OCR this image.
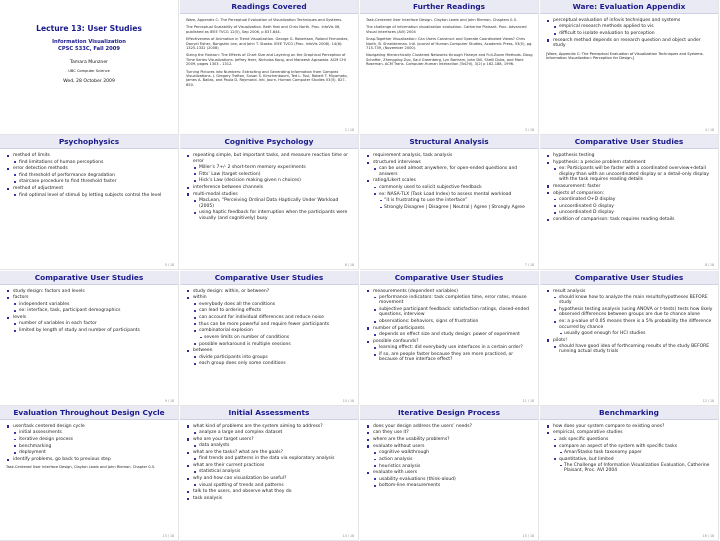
Lecture 13: User Studies
Information Visualization
CPSC 533C, Fall 2009
Tamara Munzner
UBC Computer Science
Wed, 28 October 2009
Readings Covered
Ware, Appendix C: The Perceptual Evaluation of Visualization Techniques and Systems.
The Perceptual Scalability of Visualization. Beth Yost and Chris North. Proc. InfoVis 06, published as IEEE TVCG 12(5), Sep 2006, p 837-844.
Effectiveness of Animation in Trend Visualization. George G. Robertson, Roland Fernandez, Danyel Fisher, Bongshin Lee, and John T. Stasko. IEEE TVCG (Proc. InfoVis 2008). 14(6): 1325-1332 (2008)
Sizing the Horizon: The Effects of Chart Size and Layering on the Graphical Perception of Time Series Visualizations. Jeffrey Heer, Nicholas Kong, and Maneesh Agrawala. ACM CHI 2009, pages 1303 - 1312.
Turning Pictures into Numbers: Extracting and Generating Information from Complex Visualizations. J. Gregory Trafton, Susan S. Kirschenbaum, Ted L. Tsui, Robert T. Miyamoto, James A. Ballas, and Paula D. Raymond. Intl. Journ. Human Computer Studies 53(5), 827-850.
2 / 18
Further Readings
Task-Centered User Interface Design. Clayton Lewis and John Rieman, Chapters 0-5.
The challenge of information visualization evaluation. Catherine Plaisant. Proc. Advanced Visual Interfaces (AVI) 2004
Snap-Together Visualization: Can Users Construct and Operate Coordinated Views? Chris North, B. Shneiderman. Intl. Journal of Human-Computer Studies, Academic Press, 53(5), pg. 715-739, (November 2000).
Navigating Hierarchically Clustered Networks through Fisheye and Full-Zoom Methods. Doug Schaffer, Zhengping Zuo, Saul Greenberg, Lyn Bartram, John Dill, Shelli Dubs, and Mark Roseman. ACM Trans. Computer-Human Interaction (ToCHI), 3(2) p 162-188, 1996.
3 / 18
Ware: Evaluation Appendix
perceptual evaluation of infovis techniques and systems
empirical research methods applied to vis
difficult to isolate evaluation to perception
research method depends on research question and object under study
[Ware, Appendix C: The Perceptual Evaluation of Visualization Techniques and Systems. Information Visualization: Perception for Design.]
4 / 18
Psychophysics
method of limits
find limitations of human perceptions
error detection methods
find threshold of performance degradation
staircase procedure to find threshold faster
method of adjustment
find optimal level of stimuli by letting subjects control the level
5 / 18
Cognitive Psychology
repeating simple, but important tasks, and measure reaction time or error
Miller’s 7+/- 2 short-term memory experiments
Fitts’ Law (target selection)
Hick’s Law (decision making given n choices)
interference between channels
multi-modal studies
MacLean, “Perceiving Ordinal Data Haptically Under Workload (2005)
using haptic feedback for interruption when the participants were visually (and cognitively) busy
6 / 18
Structural Analysis
requirement analysis, task analysis
structured interviews
can be used almost anywhere, for open-ended questions and answers
rating/Likert scales
commonly used to solicit subjective feedback
ex: NASA-TLX (Task Load Index) to assess mental workload
“it is frustrating to use the interface”
Strongly Disagree | Disagree | Neutral | Agree | Strongly Agree
7 / 18
Comparative User Studies
hypothesis testing
hypothesis: a precise problem statement
ex: Participants will be faster with a coordinated overview+detail display than with an uncoordinated display or a detail-only display with the task requires reading details
measurement: faster
objects of comparison:
coordinated O+D display
uncoordinated O display
uncoordinated D display
condition of comparison: task requires reading details
8 / 18
Comparative User Studies
study design: factors and levels
factors
independent variables
ex: interface, task, participant demographics
levels
number of variables in each factor
limited by length of study and number of participants
9 / 18
Comparative User Studies
study design: within, or between?
within
everybody does all the conditions
can lead to ordering effects
can account for individual differences and reduce noise
thus can be more powerful and require fewer participants
combinatorial explosion
severe limits on number of conditions
possible workaround is multiple sessions
between
divide participants into groups
each group does only some conditions
10 / 18
Comparative User Studies
measurements (dependent variables)
performance indicators: task completion time, error rates, mouse movement
subjective participant feedback: satisfaction ratings, closed-ended questions, interview
observations: behaviors, signs of frustration
number of participants
depends on effect size and study design: power of experiment
possible confounds?
learning effect: did everybody use interfaces in a certain order?
if so, are people faster because they are more practiced, or because of true interface effect?
11 / 18
Comparative User Studies
result analysis
should know how to analyze the main results/hypotheses BEFORE study
hypothesis testing analysis (using ANOVA or t-tests) tests how likely observed differences between groups are due to chance alone
ex: a p-value of 0.05 means there is a 5% probability the difference occurred by chance
usually good enough for HCI studies
pilots!
should have good idea of forthcoming results of the study BEFORE running actual study trials
12 / 18
Evaluation Throughout Design Cycle
user/task centered design cycle
initial assessments
iterative design process
benchmarking
deployment
identify problems, go back to previous step
Task-Centered User Interface Design, Clayton Lewis and John Rieman, Chapter 0-5.
13 / 18
Initial Assessments
what kind of problems are the system aiming to address?
analyze a large and complex dataset
who are your target users?
data analysts
what are the tasks? what are the goals?
find trends and patterns in the data via exploratory analysis
what are their current practices
statistical analysis
why and how can visualization be useful?
visual spotting of trends and patterns
talk to the users, and observe what they do
task analysis
14 / 18
Iterative Design Process
does your design address the users’ needs?
can they use it?
where are the usability problems?
evaluate without users
cognitive walkthrough
action analysis
heuristics analysis
evaluate with users
usability evaluations (think-aloud)
bottom-line measurements
15 / 18
Benchmarking
how does your system compare to existing ones?
empirical, comparative studies
ask specific questions
compare an aspect of the system with specific tasks
Amar/Stasko task taxonomy paper
quantitative, but limited
The Challenge of Information Visualization Evaluation, Catherine Plaisant, Proc. AVI 2004
16 / 18
